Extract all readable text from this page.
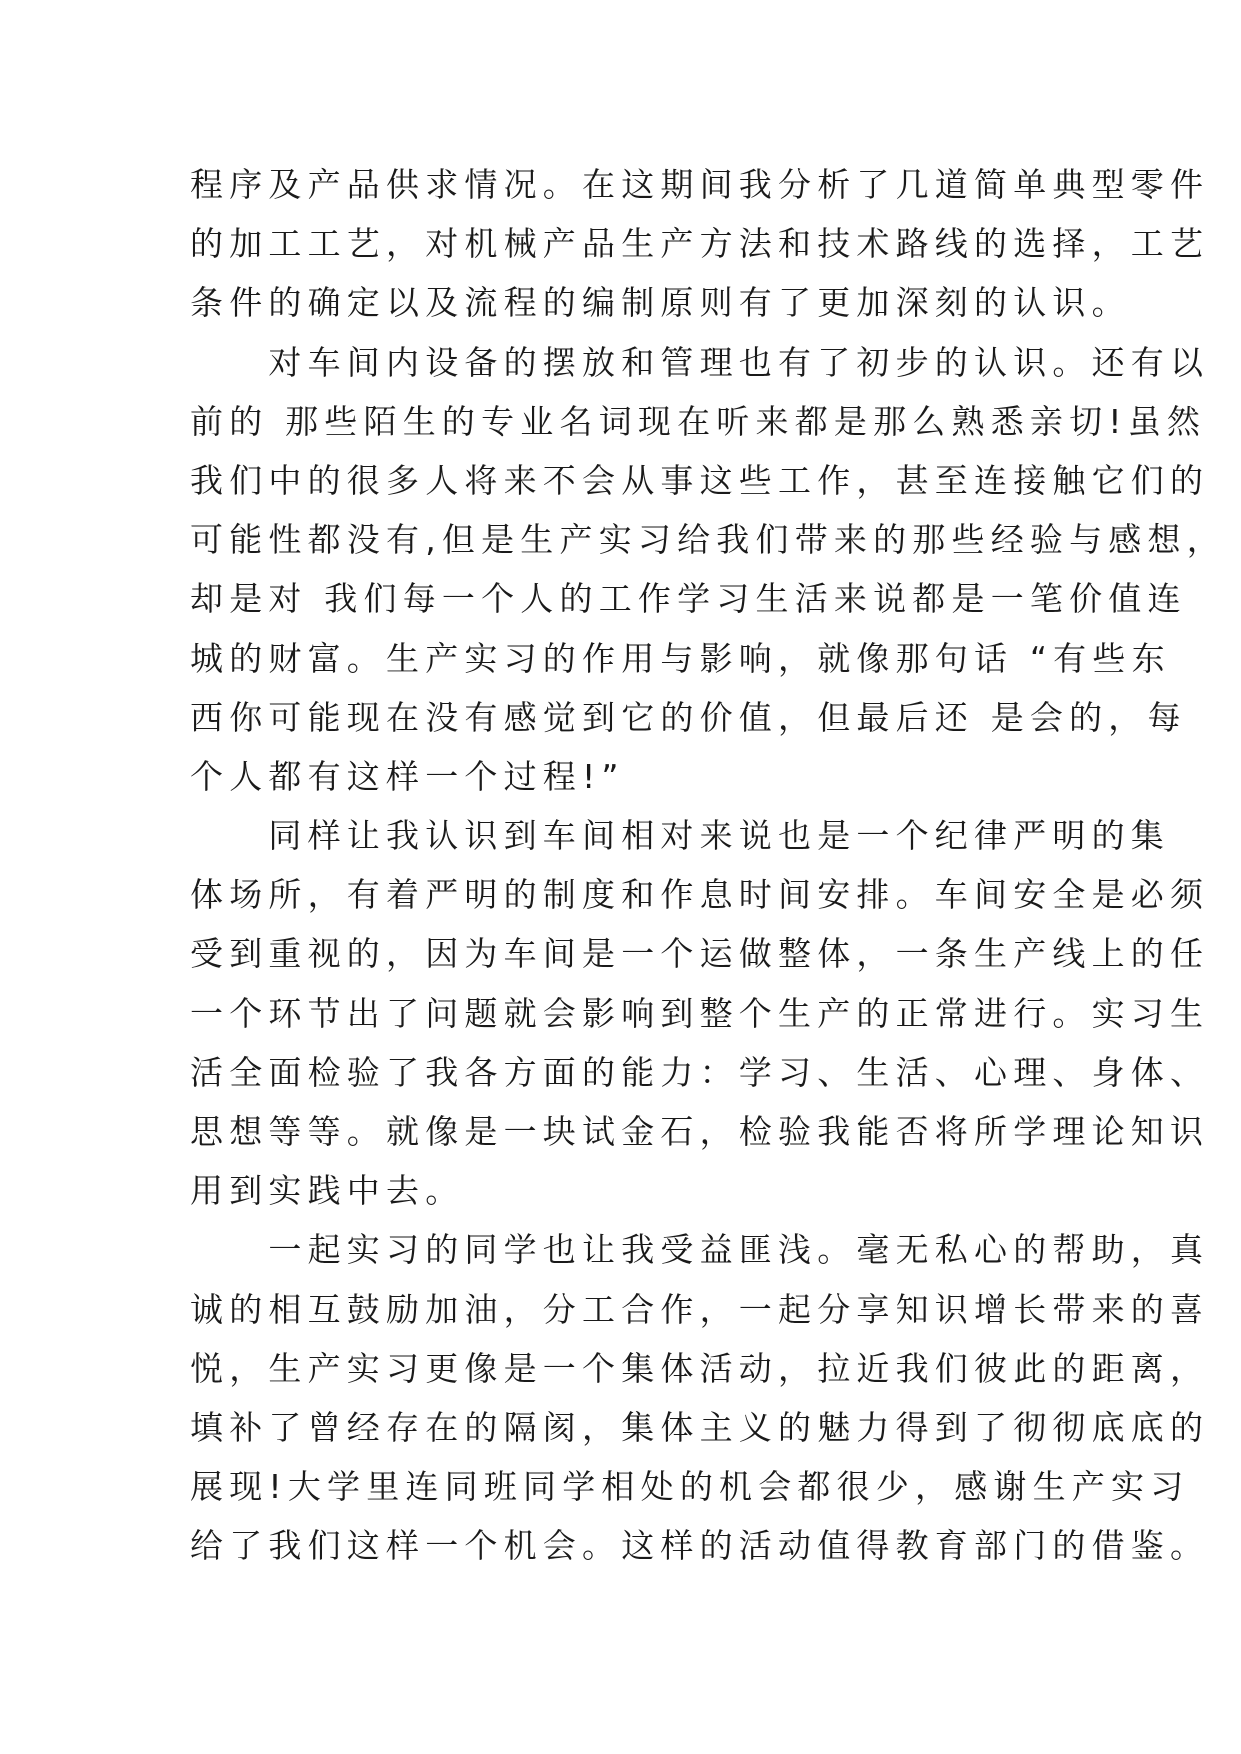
程序及产品供求情况。在这期间我分析了几道简单典型零件
的加工工艺，对机械产品生产方法和技术路线的选择，工艺
条件的确定以及流程的编制原则有了更加深刻的认识。
　　对车间内设备的摆放和管理也有了初步的认识。还有以
前的 那些陌生的专业名词现在听来都是那么熟悉亲切!虽然
我们中的很多人将来不会从事这些工作，甚至连接触它们的
可能性都没有,但是生产实习给我们带来的那些经验与感想，
却是对 我们每一个人的工作学习生活来说都是一笔价值连
城的财富。生产实习的作用与影响，就像那句话 “有些东
西你可能现在没有感觉到它的价值，但最后还 是会的，每
个人都有这样一个过程!”
　　同样让我认识到车间相对来说也是一个纪律严明的集
体场所，有着严明的制度和作息时间安排。车间安全是必须
受到重视的，因为车间是一个运做整体，一条生产线上的任
一个环节出了问题就会影响到整个生产的正常进行。实习生
活全面检验了我各方面的能力：学习、生活、心理、身体、
思想等等。就像是一块试金石，检验我能否将所学理论知识
用到实践中去。
　　一起实习的同学也让我受益匪浅。毫无私心的帮助，真
诚的相互鼓励加油，分工合作，一起分享知识增长带来的喜
悦，生产实习更像是一个集体活动，拉近我们彼此的距离，
填补了曾经存在的隔阂，集体主义的魅力得到了彻彻底底的
展现!大学里连同班同学相处的机会都很少，感谢生产实习
给了我们这样一个机会。这样的活动值得教育部门的借鉴。
